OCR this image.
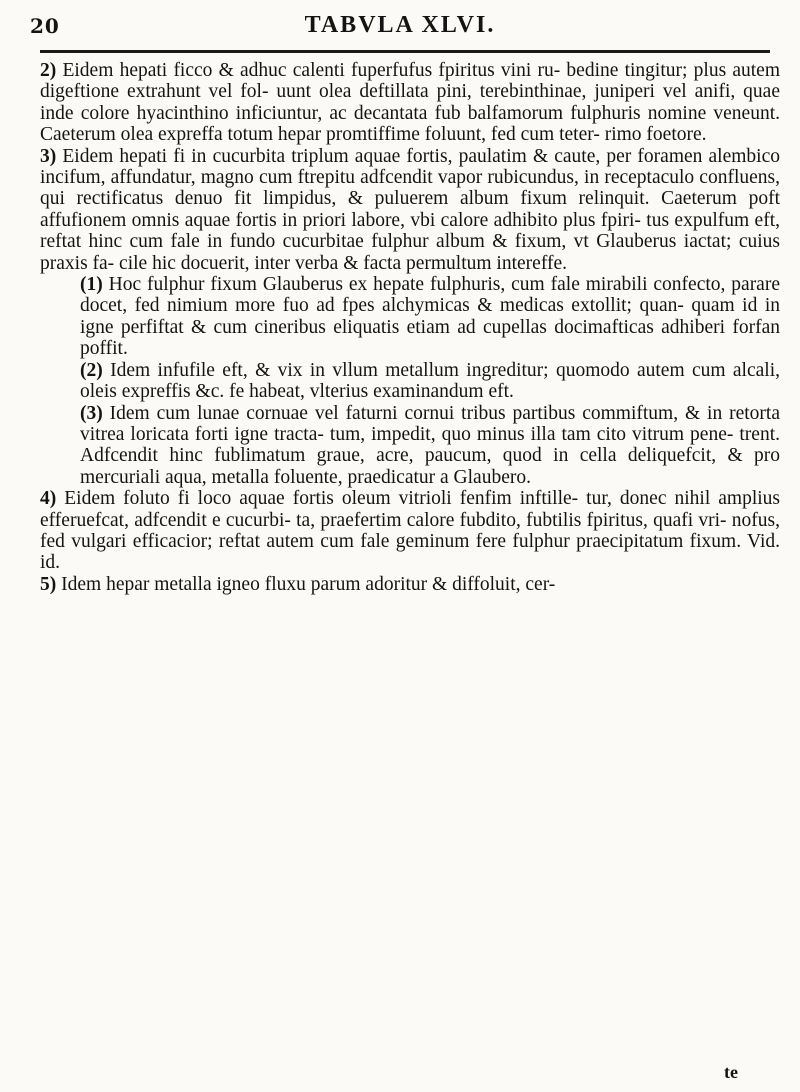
20	TABVLA XLVI.

2) Eidem hepati ficco & adhuc calenti fuperfufus fpiritus vini ru- bedine tingitur; plus autem digeftione extrahunt vel fol- uunt olea deftillata pini, terebinthinae, juniperi vel anifi, quae inde colore hyacinthino inficiuntur, ac decantata fub balfamorum fulphuris nomine veneunt. Caeterum olea expreffa totum hepar promtiffime foluunt, fed cum teter- rimo foetore.

3) Eidem hepati fi in cucurbita triplum aquae fortis, paulatim & caute, per foramen alembico incifum, affundatur, magno cum ftrepitu adfcendit vapor rubicundus, in receptaculo confluens, qui rectificatus denuo fit limpidus, & puluerem album fixum relinquit. Caeterum poft affufionem omnis aquae fortis in priori labore, vbi calore adhibito plus fpiri- tus expulfum eft, reftat hinc cum fale in fundo cucurbitae fulphur album & fixum, vt Glauberus iactat; cuius praxis fa- cile hic docuerit, inter verba & facta permultum intereffe.

(1) Hoc fulphur fixum Glauberus ex hepate fulphuris, cum fale mirabili confecto, parare docet, fed nimium more fuo ad fpes alchymicas & medicas extollit; quan- quam id in igne perfiftat & cum cineribus eliquatis etiam ad cupellas docimafticas adhiberi forfan poffit.

(2) Idem infufile eft, & vix in vllum metallum ingreditur; quomodo autem cum alcali, oleis expreffis &c. fe habeat, vlterius examinandum eft.

(3) Idem cum lunae cornuae vel faturni cornui tribus partibus commiftum, & in retorta vitrea loricata forti igne tracta- tum, impedit, quo minus illa tam cito vitrum pene- trent. Adfcendit hinc fublimatum graue, acre, paucum, quod in cella deliquefcit, & pro mercuriali aqua, metalla foluente, praedicatur a Glaubero.

4) Eidem foluto fi loco aquae fortis oleum vitrioli fenfim inftille- tur, donec nihil amplius efferuefcat, adfcendit e cucurbi- ta, praefertim calore fubdito, fubtilis fpiritus, quafi vri- nofus, fed vulgari efficacior; reftat autem cum fale geminum fere fulphur praecipitatum fixum. Vid. id.

5) Idem hepar metalla igneo fluxu parum adoritur & diffoluit, cer-

te
